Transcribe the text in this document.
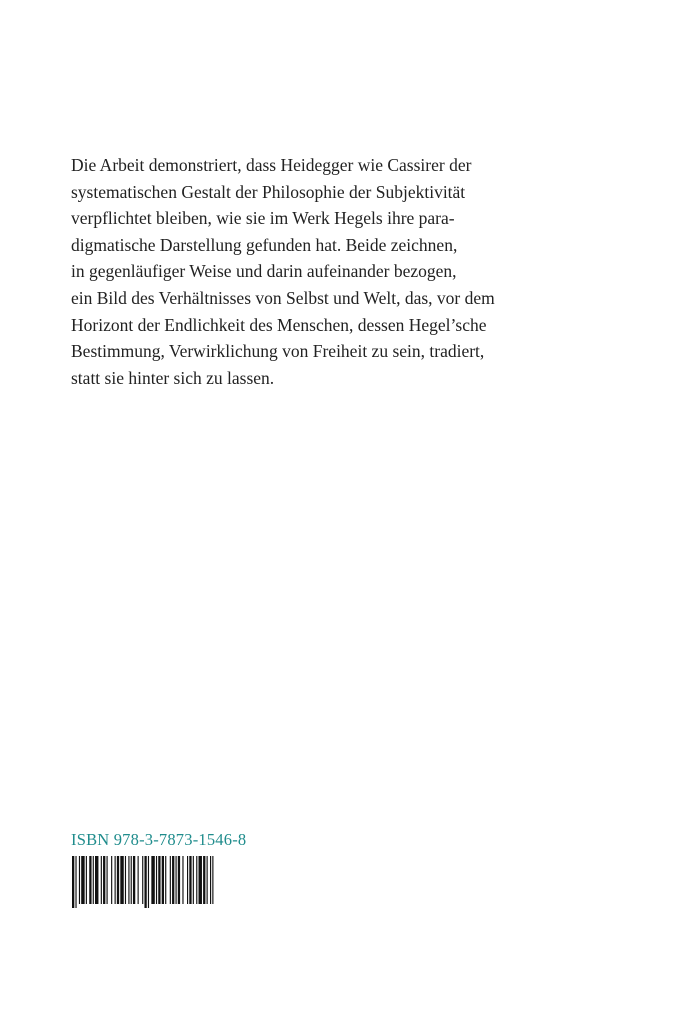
Die Arbeit demonstriert, dass Heidegger wie Cassirer der
systematischen Gestalt der Philosophie der Subjektivität
verpflichtet bleiben, wie sie im Werk Hegels ihre para-
digmatische Darstellung gefunden hat. Beide zeichnen,
in gegenläufiger Weise und darin aufeinander bezogen,
ein Bild des Verhältnisses von Selbst und Welt, das, vor dem
Horizont der Endlichkeit des Menschen, dessen Hegel’sche
Bestimmung, Verwirklichung von Freiheit zu sein, tradiert,
statt sie hinter sich zu lassen.

ISBN 978-3-7873-1546-8
